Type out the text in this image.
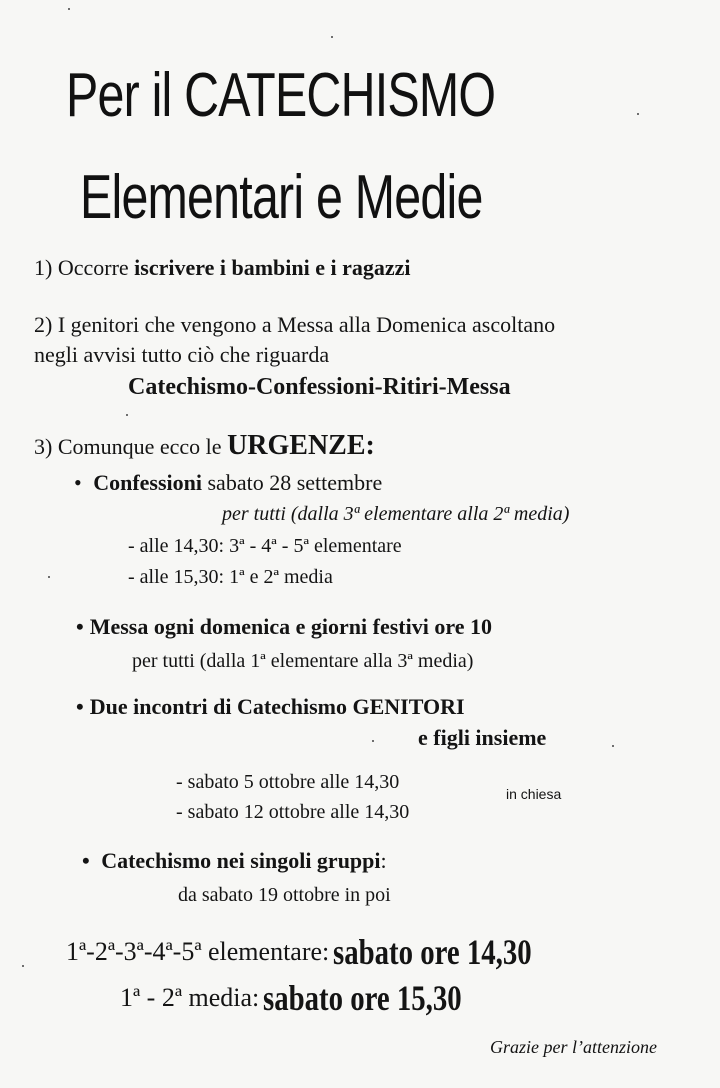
Per il CATECHISMO
Elementari e Medie
1) Occorre iscrivere i bambini e i ragazzi
2) I genitori che vengono a Messa alla Domenica ascoltano
negli avvisi tutto ciò che riguarda
Catechismo-Confessioni-Ritiri-Messa
3) Comunque ecco le URGENZE:
• Confessioni sabato 28 settembre
per tutti (dalla 3ª elementare alla 2ª media)
- alle 14,30: 3ª - 4ª - 5ª elementare
- alle 15,30: 1ª e 2ª media
• Messa ogni domenica e giorni festivi ore 10
per tutti (dalla 1ª elementare alla 3ª media)
• Due incontri di Catechismo GENITORI
e figli insieme
- sabato 5 ottobre alle 14,30
- sabato 12 ottobre alle 14,30
in chiesa
• Catechismo nei singoli gruppi:
da sabato 19 ottobre in poi
1ª-2ª-3ª-4ª-5ª elementare: sabato ore 14,30
1ª - 2ª media: sabato ore 15,30
Grazie per l’attenzione
